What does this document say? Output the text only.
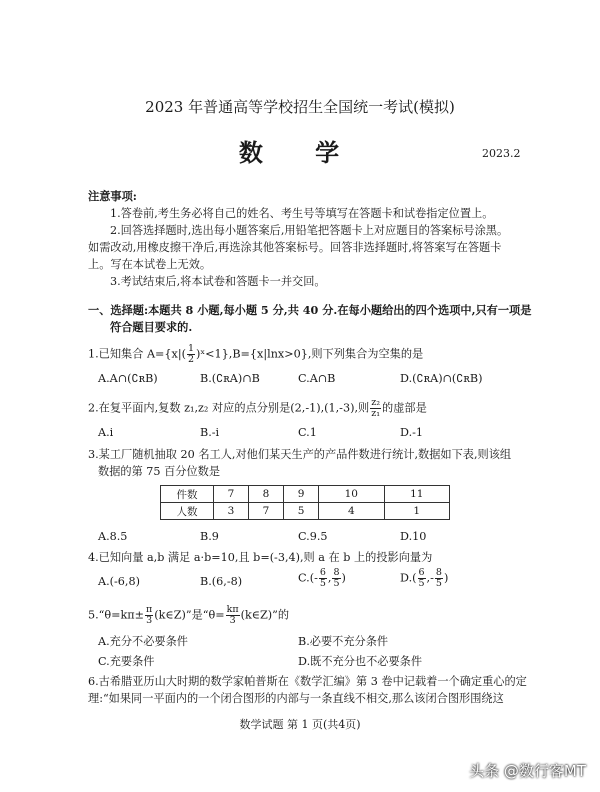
2023 年普通高等学校招生全国统一考试(模拟)
数 学	2023.2
注意事项:
1.答卷前,考生务必将自己的姓名、考生号等填写在答题卡和试卷指定位置上。
2.回答选择题时,选出每小题答案后,用铅笔把答题卡上对应题目的答案标号涂黑。如需改动,用橡皮擦干净后,再选涂其他答案标号。回答非选择题时,将答案写在答题卡上。写在本试卷上无效。
3.考试结束后,将本试卷和答题卡一并交回。
一、选择题:本题共 8 小题,每小题 5 分,共 40 分.在每小题给出的四个选项中,只有一项是
符合题目要求的.
1.已知集合 $A=\{x|( \frac{1}{2}$ )ˣ<1},B={x|lnx>0},则下列集合为空集的是
A.A∩(∁ʀB)	B.(∁ʀA)∩B	C.A∩B	D.(∁ʀA)∩(∁ʀB)
2.在复平面内,复数 z₁,z₂ 对应的点分别是(2,-1),(1,-3),则 $\frac{\text{z₂}}{\text{z₁}}$ 的虚部是
A.i	B.-i	C.1	D.-1
3.某工厂随机抽取 20 名工人,对他们某天生产的产品件数进行统计,数据如下表,则该组
数据的第 75 百分位数是
件数	7	8	9	10	11
人数	3	7	5	4	1
A.8.5	B.9	C.9.5	D.10
4.已知向量 a,b 满足 a·b=10,且 b=(-3,4),则 a 在 b 上的投影向量为
A.(-6,8)	B.(6,-8)	$C.(- \frac{6}{5}$ , $\frac{8}{5}$ )	$D.( \frac{6}{5}$ ,- $\frac{8}{5}$ )
5.“θ=kπ± $\frac{\pi}{3}$ (k∈Z)”是“$\theta= \frac{k\pi}{3}$ (k∈Z)”的
A.充分不必要条件	B.必要不充分条件
C.充要条件	D.既不充分也不必要条件
6.古希腊亚历山大时期的数学家帕普斯在《数学汇编》第 3 卷中记载着一个确定重心的定
理:“如果同一平面内的一个闭合图形的内部与一条直线不相交,那么该闭合图形围绕这
数学试题 第 1 页(共4页)
头条 @数行客MT
